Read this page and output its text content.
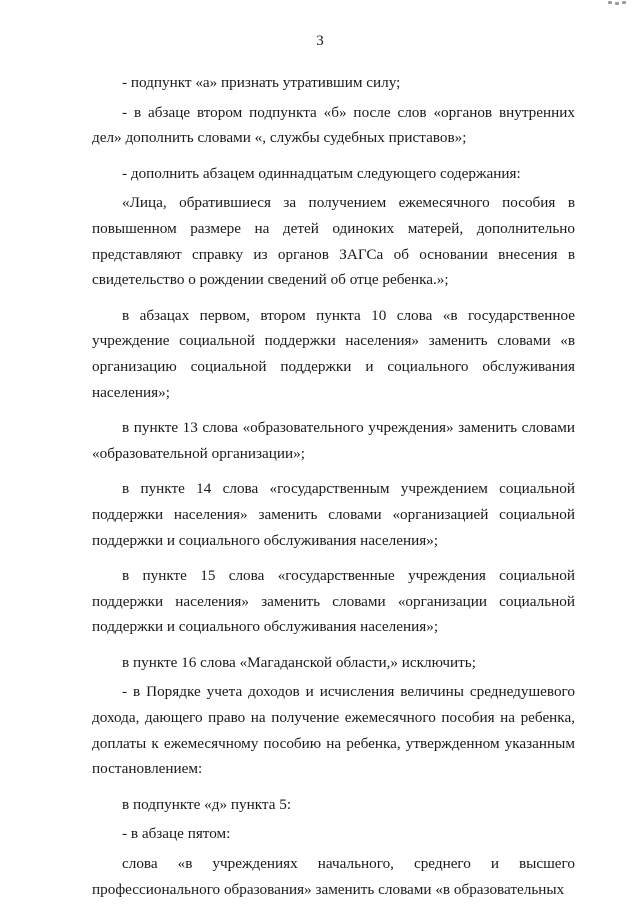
3

- подпункт «а» признать утратившим силу;

- в абзаце втором подпункта «б» после слов «органов внутренних дел» дополнить словами «, службы судебных приставов»;

- дополнить абзацем одиннадцатым следующего содержания:

«Лица, обратившиеся за получением ежемесячного пособия в повышенном размере на детей одиноких матерей, дополнительно представляют справку из органов ЗАГСа об основании внесения в свидетельство о рождении сведений об отце ребенка.»;

в абзацах первом, втором пункта 10 слова «в государственное учреждение социальной поддержки населения» заменить словами «в организацию социальной поддержки и социального обслуживания населения»;

в пункте 13 слова «образовательного учреждения» заменить словами «образовательной организации»;

в пункте 14 слова «государственным учреждением социальной поддержки населения» заменить словами «организацией социальной поддержки и социального обслуживания населения»;

в пункте 15 слова «государственные учреждения социальной поддержки населения» заменить словами «организации социальной поддержки и социального обслуживания населения»;

в пункте 16 слова «Магаданской области,» исключить;

- в Порядке учета доходов и исчисления величины среднедушевого дохода, дающего право на получение ежемесячного пособия на ребенка, доплаты к ежемесячному пособию на ребенка, утвержденном указанным постановлением:

в подпункте «д» пункта 5:

- в абзаце пятом:

слова «в учреждениях начального, среднего и высшего профессионального образования» заменить словами «в образовательных
